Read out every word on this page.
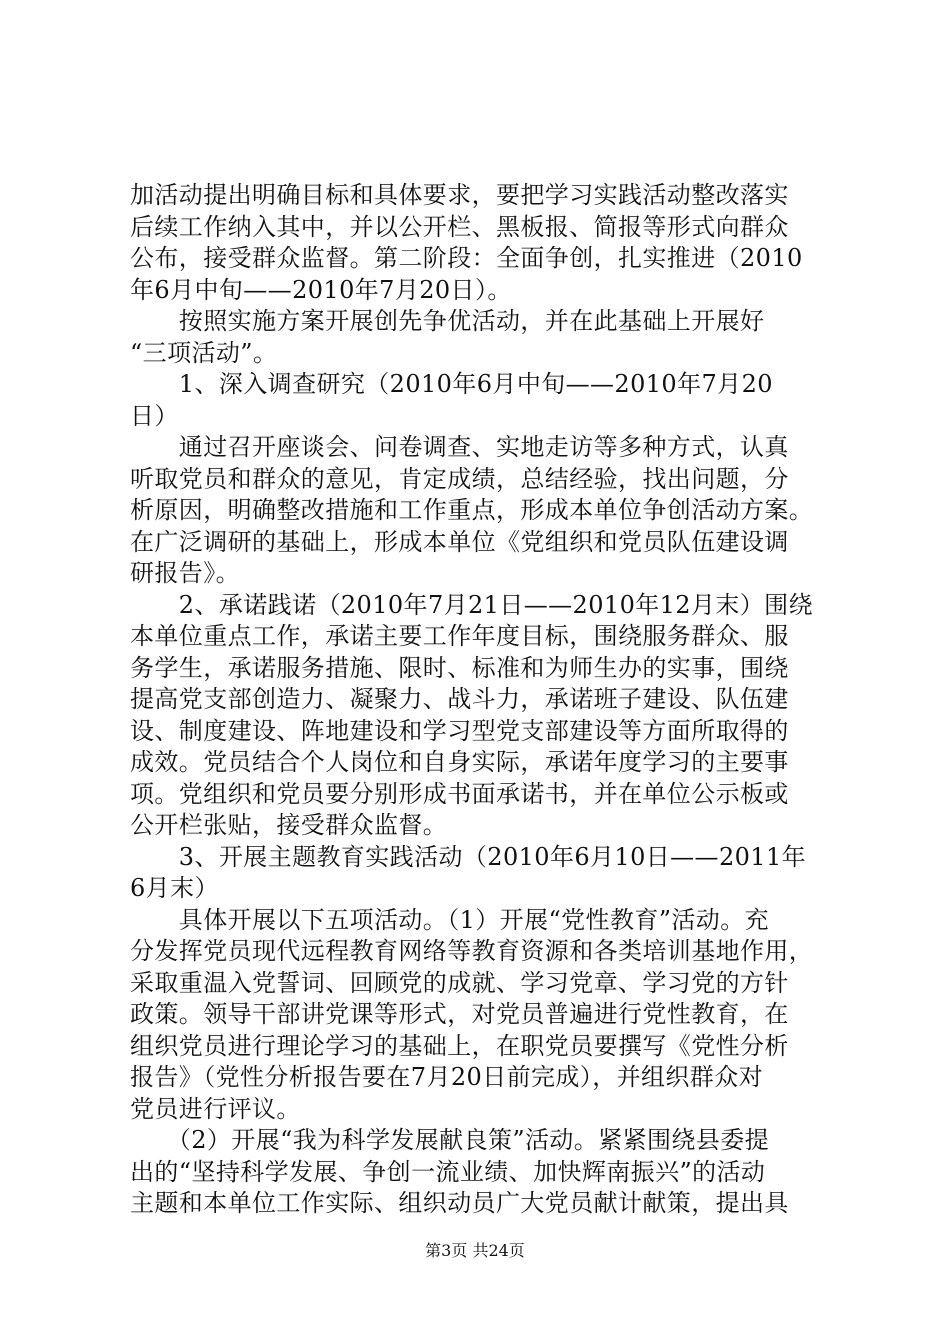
加活动提出明确目标和具体要求，要把学习实践活动整改落实
后续工作纳入其中，并以公开栏、黑板报、简报等形式向群众
公布，接受群众监督。第二阶段：全面争创，扎实推进（2010
年6月中旬——2010年7月20日）。
　　按照实施方案开展创先争优活动，并在此基础上开展好
“三项活动”。
　　1、深入调查研究（2010年6月中旬——2010年7月20
日）
　　通过召开座谈会、问卷调查、实地走访等多种方式，认真
听取党员和群众的意见，肯定成绩，总结经验，找出问题，分
析原因，明确整改措施和工作重点，形成本单位争创活动方案。
在广泛调研的基础上，形成本单位《党组织和党员队伍建设调
研报告》。
　　2、承诺践诺（2010年7月21日——2010年12月末）围绕
本单位重点工作，承诺主要工作年度目标，围绕服务群众、服
务学生，承诺服务措施、限时、标准和为师生办的实事，围绕
提高党支部创造力、凝聚力、战斗力，承诺班子建设、队伍建
设、制度建设、阵地建设和学习型党支部建设等方面所取得的
成效。党员结合个人岗位和自身实际，承诺年度学习的主要事
项。党组织和党员要分别形成书面承诺书，并在单位公示板或
公开栏张贴，接受群众监督。
　　3、开展主题教育实践活动（2010年6月10日——2011年
6月末）
　　具体开展以下五项活动。（1）开展“党性教育”活动。充
分发挥党员现代远程教育网络等教育资源和各类培训基地作用，
采取重温入党誓词、回顾党的成就、学习党章、学习党的方针
政策。领导干部讲党课等形式，对党员普遍进行党性教育，在
组织党员进行理论学习的基础上，在职党员要撰写《党性分析
报告》（党性分析报告要在7月20日前完成），并组织群众对
党员进行评议。
　　（2）开展“我为科学发展献良策”活动。紧紧围绕县委提
出的“坚持科学发展、争创一流业绩、加快辉南振兴”的活动
主题和本单位工作实际、组织动员广大党员献计献策，提出具
第3页 共24页
